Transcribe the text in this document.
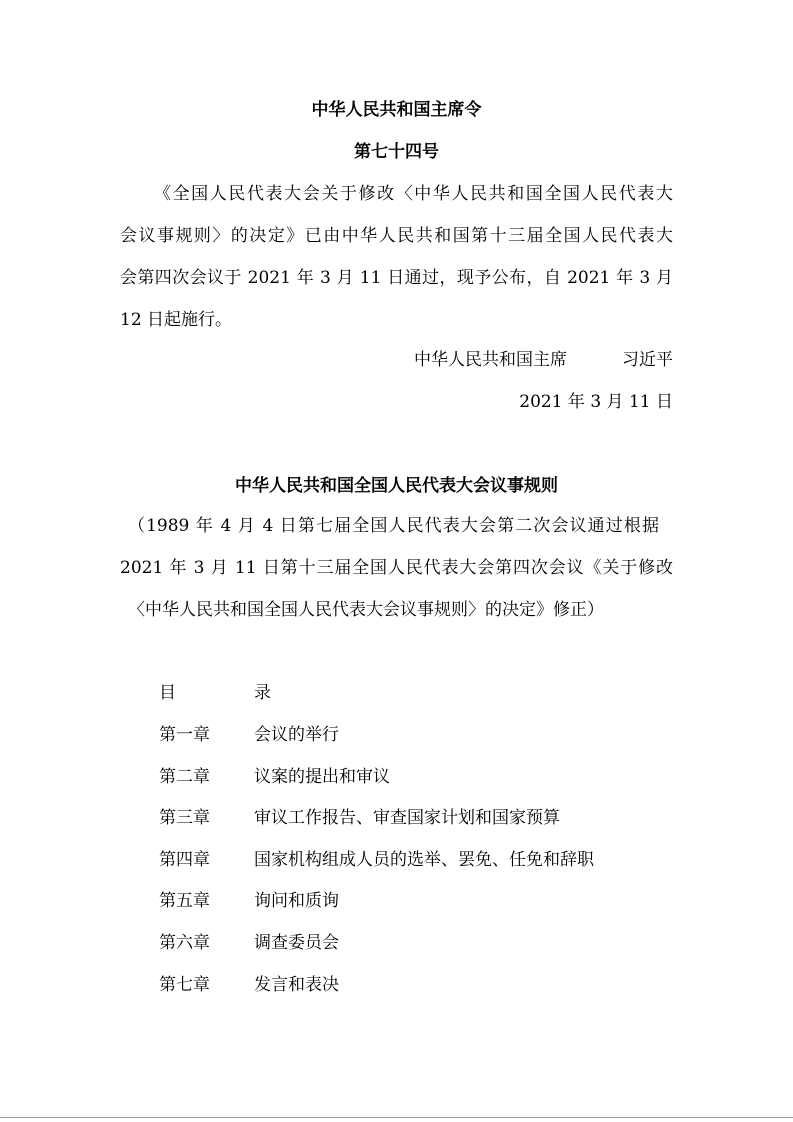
中华人民共和国主席令
第七十四号
《全国人民代表大会关于修改〈中华人民共和国全国人民代表大
会议事规则〉的决定》已由中华人民共和国第十三届全国人民代表大
会第四次会议于 2021 年 3 月 11 日通过，现予公布，自 2021 年 3 月
12 日起施行。
中华人民共和国主席	习近平
2021 年 3 月 11 日
中华人民共和国全国人民代表大会议事规则
（1989 年 4 月 4 日第七届全国人民代表大会第二次会议通过根据
2021 年 3 月 11 日第十三届全国人民代表大会第四次会议《关于修改
〈中华人民共和国全国人民代表大会议事规则〉的决定》修正）
目	录
第一章	会议的举行
第二章	议案的提出和审议
第三章	审议工作报告、审查国家计划和国家预算
第四章	国家机构组成人员的选举、罢免、任免和辞职
第五章	询问和质询
第六章	调查委员会
第七章	发言和表决
